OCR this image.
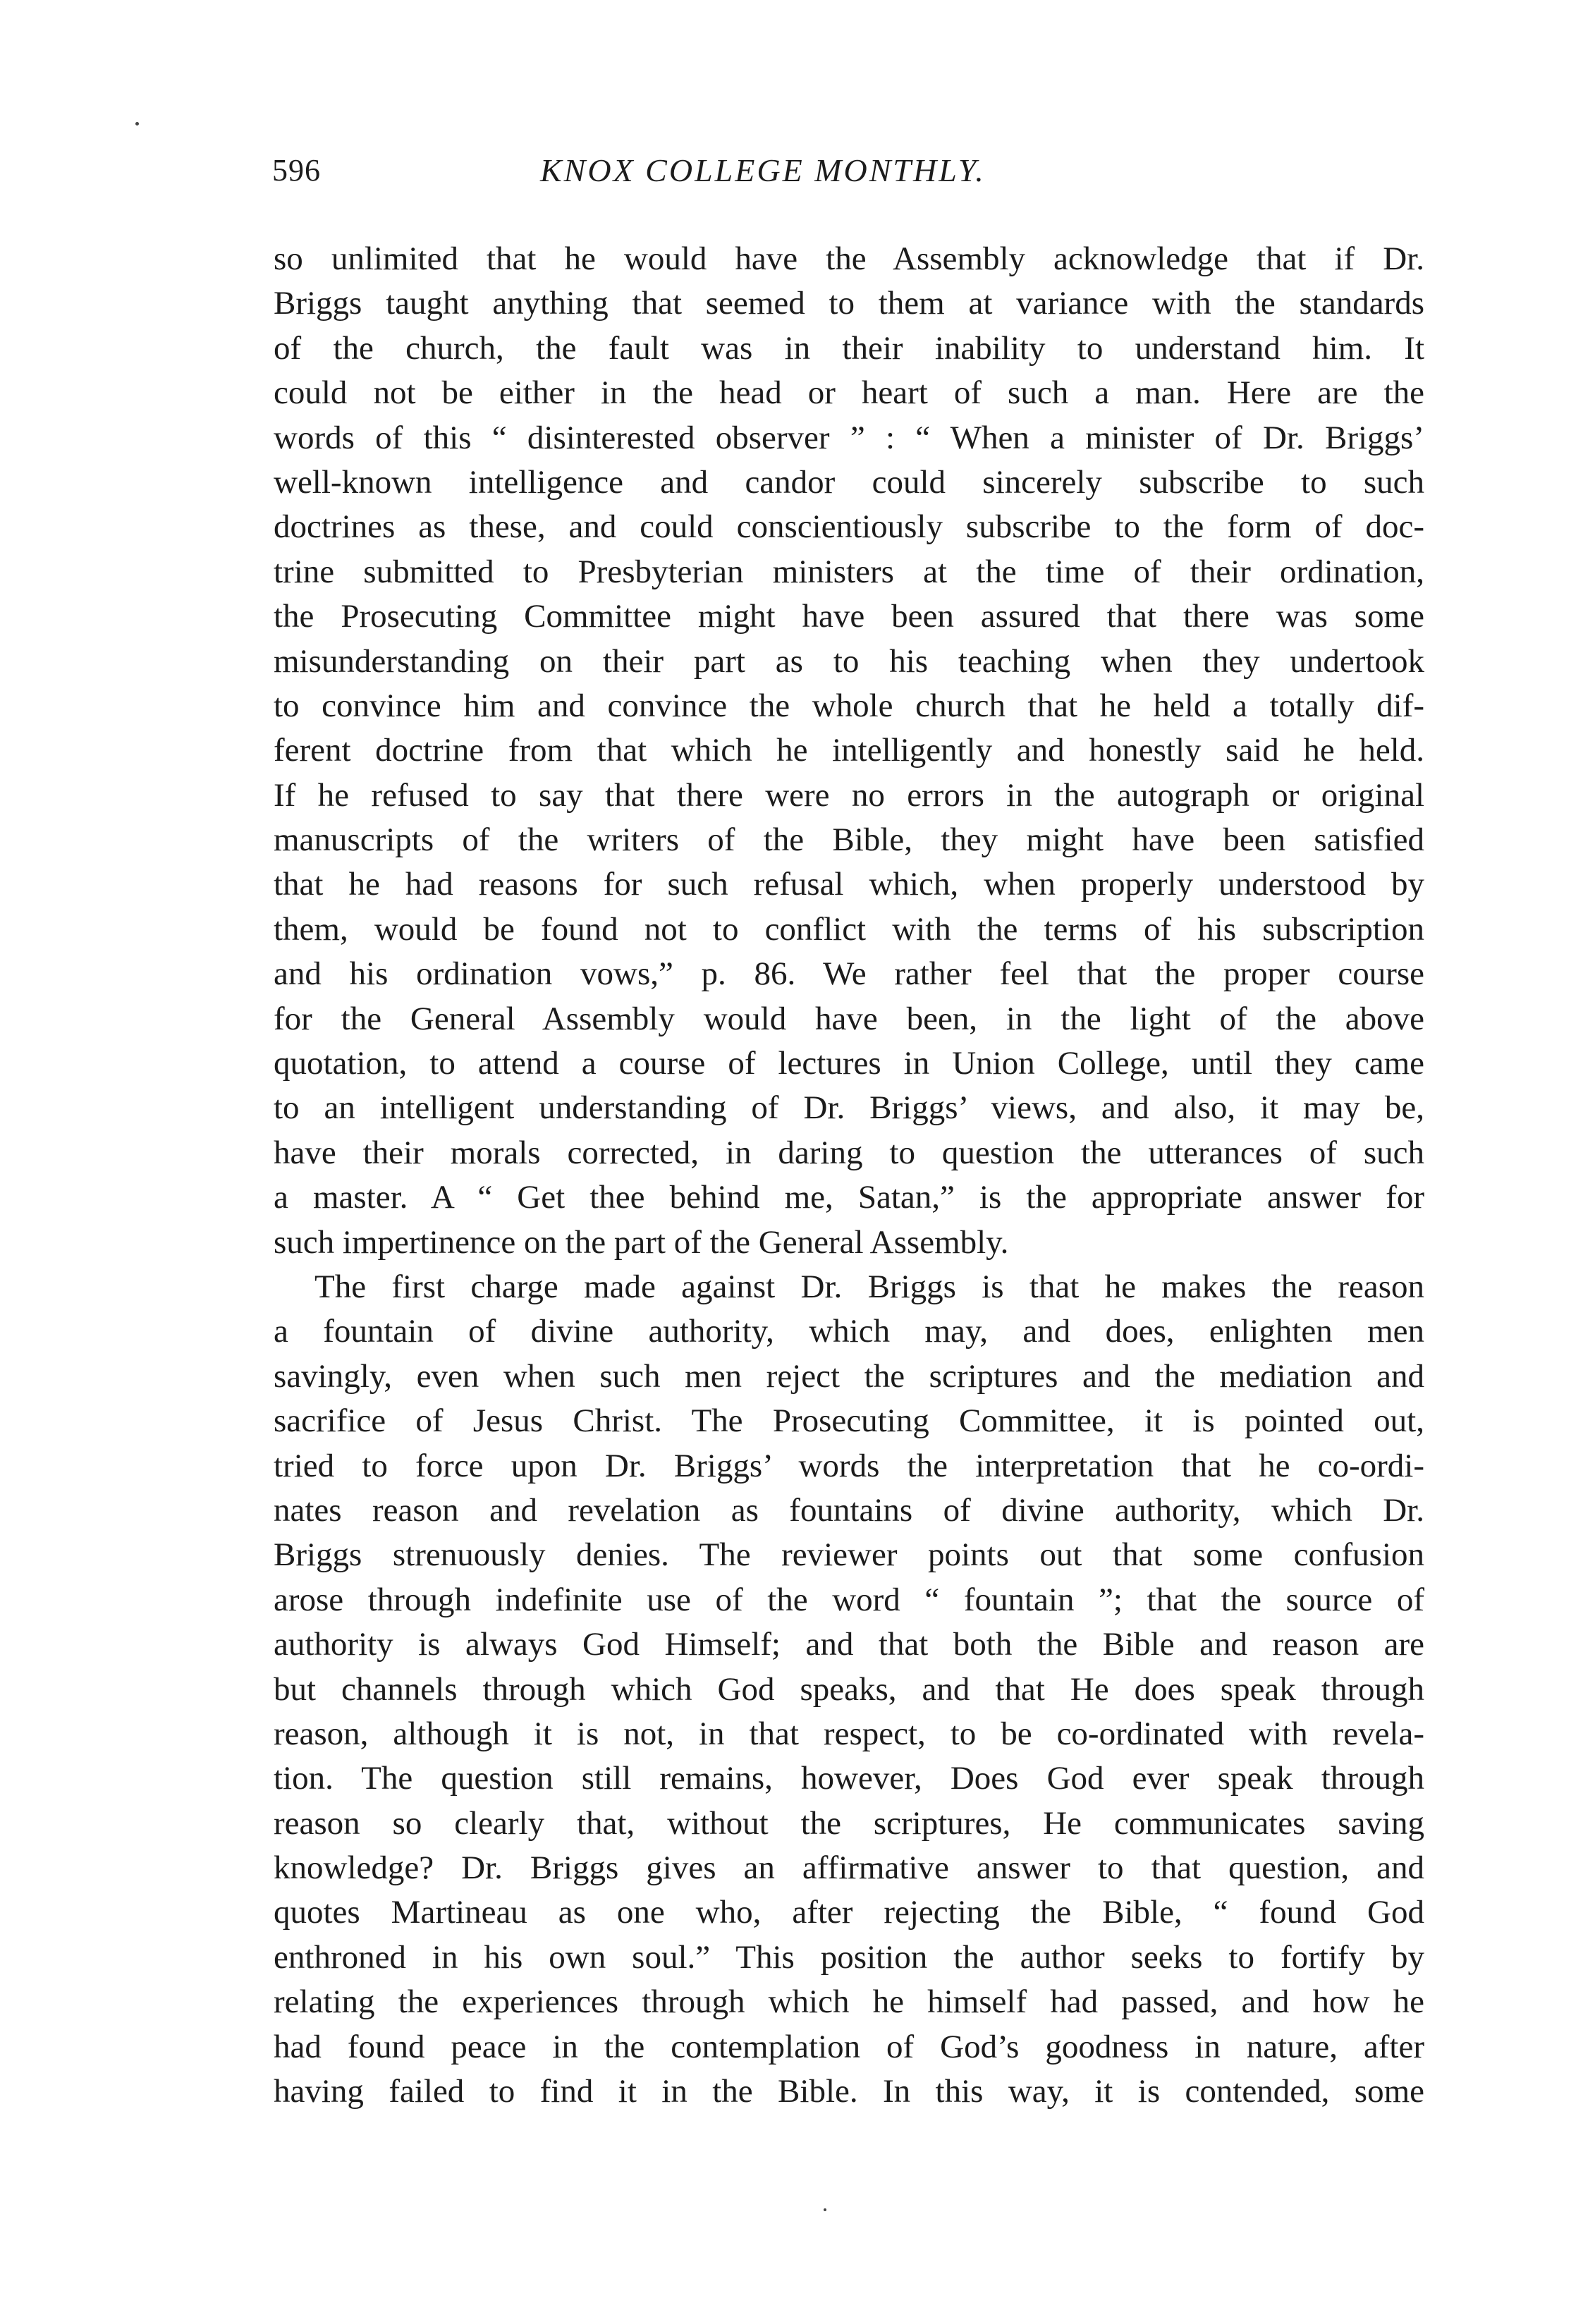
596	KNOX COLLEGE MONTHLY.
so unlimited that he would have the Assembly acknowledge that if Dr.
Briggs taught anything that seemed to them at variance with the standards
of the church, the fault was in their inability to understand him. It
could not be either in the head or heart of such a man. Here are the
words of this “ disinterested observer ” : “ When a minister of Dr. Briggs’
well-known intelligence and candor could sincerely subscribe to such
doctrines as these, and could conscientiously subscribe to the form of doc-
trine submitted to Presbyterian ministers at the time of their ordination,
the Prosecuting Committee might have been assured that there was some
misunderstanding on their part as to his teaching when they undertook
to convince him and convince the whole church that he held a totally dif-
ferent doctrine from that which he intelligently and honestly said he held.
If he refused to say that there were no errors in the autograph or original
manuscripts of the writers of the Bible, they might have been satisfied
that he had reasons for such refusal which, when properly understood by
them, would be found not to conflict with the terms of his subscription
and his ordination vows,” p. 86. We rather feel that the proper course
for the General Assembly would have been, in the light of the above
quotation, to attend a course of lectures in Union College, until they came
to an intelligent understanding of Dr. Briggs’ views, and also, it may be,
have their morals corrected, in daring to question the utterances of such
a master. A “ Get thee behind me, Satan,” is the appropriate answer for
such impertinence on the part of the General Assembly.
The first charge made against Dr. Briggs is that he makes the reason
a fountain of divine authority, which may, and does, enlighten men
savingly, even when such men reject the scriptures and the mediation and
sacrifice of Jesus Christ. The Prosecuting Committee, it is pointed out,
tried to force upon Dr. Briggs’ words the interpretation that he co-ordi-
nates reason and revelation as fountains of divine authority, which Dr.
Briggs strenuously denies. The reviewer points out that some confusion
arose through indefinite use of the word “ fountain ”; that the source of
authority is always God Himself; and that both the Bible and reason are
but channels through which God speaks, and that He does speak through
reason, although it is not, in that respect, to be co-ordinated with revela-
tion. The question still remains, however, Does God ever speak through
reason so clearly that, without the scriptures, He communicates saving
knowledge? Dr. Briggs gives an affirmative answer to that question, and
quotes Martineau as one who, after rejecting the Bible, “ found God
enthroned in his own soul.” This position the author seeks to fortify by
relating the experiences through which he himself had passed, and how he
had found peace in the contemplation of God’s goodness in nature, after
having failed to find it in the Bible. In this way, it is contended, some
